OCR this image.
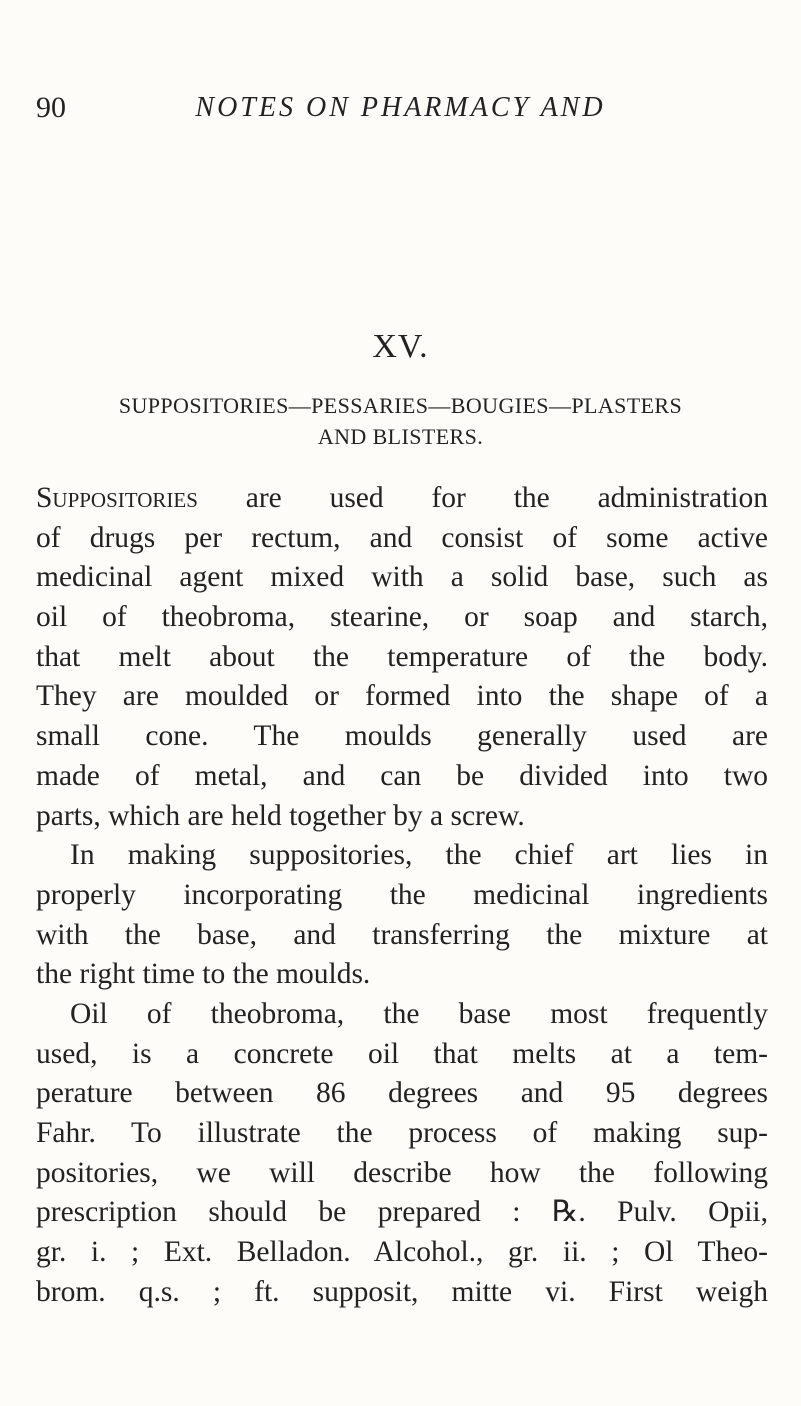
90	NOTES ON PHARMACY AND
XV.
SUPPOSITORIES—PESSARIES—BOUGIES—PLASTERS
AND BLISTERS.
Suppositories are used for the administration
of drugs per rectum, and consist of some active
medicinal agent mixed with a solid base, such as
oil of theobroma, stearine, or soap and starch,
that melt about the temperature of the body.
They are moulded or formed into the shape of a
small cone. The moulds generally used are
made of metal, and can be divided into two
parts, which are held together by a screw.
In making suppositories, the chief art lies in
properly incorporating the medicinal ingredients
with the base, and transferring the mixture at
the right time to the moulds.
Oil of theobroma, the base most frequently
used, is a concrete oil that melts at a tem-
perature between 86 degrees and 95 degrees
Fahr. To illustrate the process of making sup-
positories, we will describe how the following
prescription should be prepared : ℞. Pulv. Opii,
gr. i. ; Ext. Belladon. Alcohol., gr. ii. ; Ol Theo-
brom. q.s. ; ft. supposit, mitte vi. First weigh
